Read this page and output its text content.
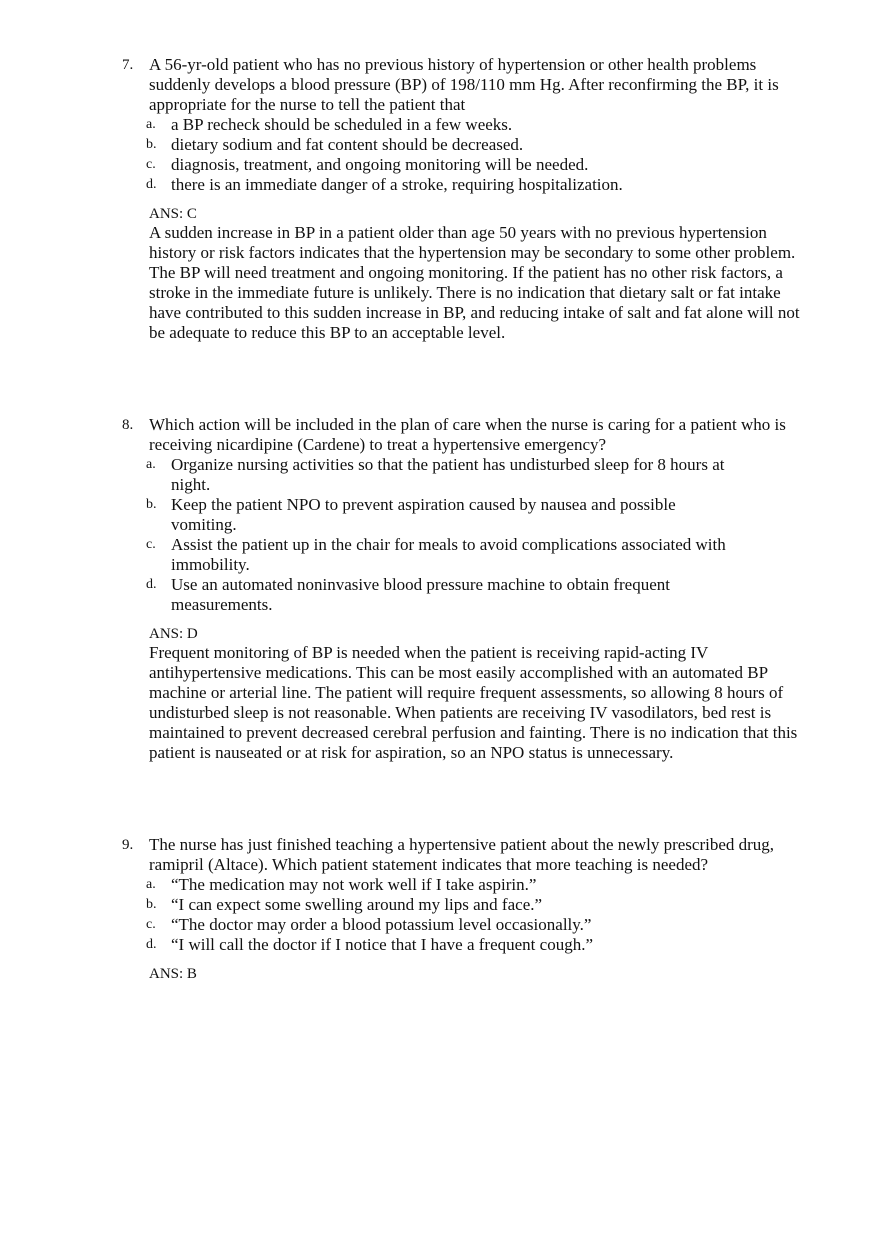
7. A 56-yr-old patient who has no previous history of hypertension or other health problems suddenly develops a blood pressure (BP) of 198/110 mm Hg. After reconfirming the BP, it is appropriate for the nurse to tell the patient that
a. a BP recheck should be scheduled in a few weeks.
b. dietary sodium and fat content should be decreased.
c. diagnosis, treatment, and ongoing monitoring will be needed.
d. there is an immediate danger of a stroke, requiring hospitalization.
ANS: C
A sudden increase in BP in a patient older than age 50 years with no previous hypertension history or risk factors indicates that the hypertension may be secondary to some other problem. The BP will need treatment and ongoing monitoring. If the patient has no other risk factors, a stroke in the immediate future is unlikely. There is no indication that dietary salt or fat intake have contributed to this sudden increase in BP, and reducing intake of salt and fat alone will not be adequate to reduce this BP to an acceptable level.
8. Which action will be included in the plan of care when the nurse is caring for a patient who is receiving nicardipine (Cardene) to treat a hypertensive emergency?
a. Organize nursing activities so that the patient has undisturbed sleep for 8 hours at night.
b. Keep the patient NPO to prevent aspiration caused by nausea and possible vomiting.
c. Assist the patient up in the chair for meals to avoid complications associated with immobility.
d. Use an automated noninvasive blood pressure machine to obtain frequent measurements.
ANS: D
Frequent monitoring of BP is needed when the patient is receiving rapid-acting IV antihypertensive medications. This can be most easily accomplished with an automated BP machine or arterial line. The patient will require frequent assessments, so allowing 8 hours of undisturbed sleep is not reasonable. When patients are receiving IV vasodilators, bed rest is maintained to prevent decreased cerebral perfusion and fainting. There is no indication that this patient is nauseated or at risk for aspiration, so an NPO status is unnecessary.
9. The nurse has just finished teaching a hypertensive patient about the newly prescribed drug, ramipril (Altace). Which patient statement indicates that more teaching is needed?
a. “The medication may not work well if I take aspirin.”
b. “I can expect some swelling around my lips and face.”
c. “The doctor may order a blood potassium level occasionally.”
d. “I will call the doctor if I notice that I have a frequent cough.”
ANS: B
